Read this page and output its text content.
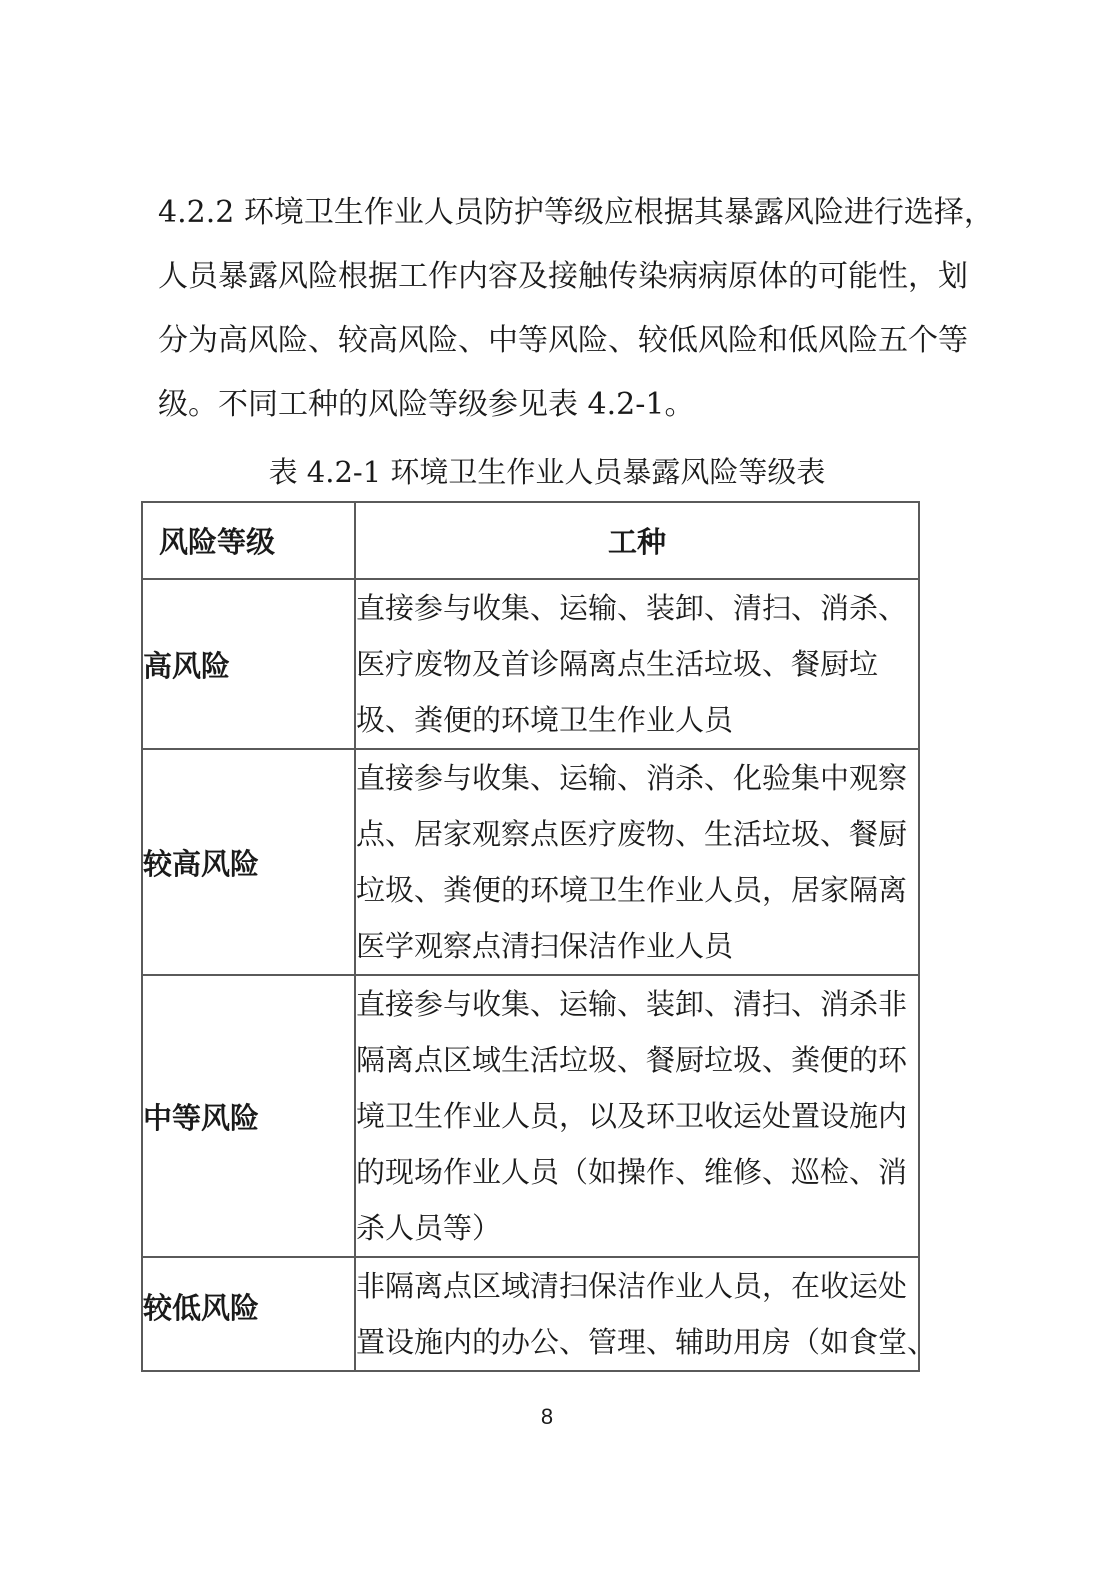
4.2.2 环境卫生作业人员防护等级应根据其暴露风险进行选择，
人员暴露风险根据工作内容及接触传染病病原体的可能性，划
分为高风险、较高风险、中等风险、较低风险和低风险五个等
级。不同工种的风险等级参见表 4.2-1。
表 4.2-1 环境卫生作业人员暴露风险等级表
风险等级	工种
高风险	直接参与收集、运输、装卸、清扫、消杀、
医疗废物及首诊隔离点生活垃圾、餐厨垃
圾、粪便的环境卫生作业人员

较高风险	直接参与收集、运输、消杀、化验集中观察
点、居家观察点医疗废物、生活垃圾、餐厨
垃圾、粪便的环境卫生作业人员，居家隔离
医学观察点清扫保洁作业人员

中等风险	直接参与收集、运输、装卸、清扫、消杀非
隔离点区域生活垃圾、餐厨垃圾、粪便的环
境卫生作业人员，以及环卫收运处置设施内
的现场作业人员（如操作、维修、巡检、消
杀人员等）

较低风险	非隔离点区域清扫保洁作业人员，在收运处
置设施内的办公、管理、辅助用房（如食堂、
8
